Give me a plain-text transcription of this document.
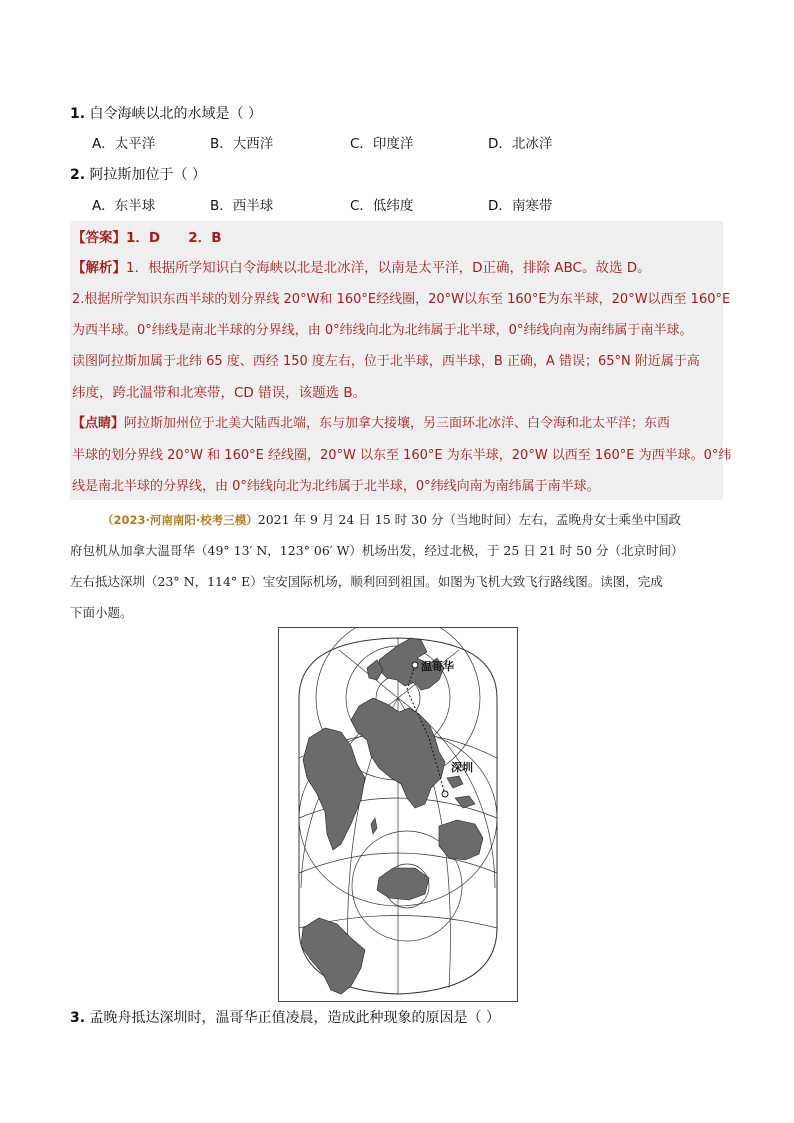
1. 白令海峡以北的水域是（ ）
A．太平洋	B．大西洋	C．印度洋	D．北冰洋
2. 阿拉斯加位于（ ）
A．东半球	B．西半球	C．低纬度	D．南寒带
【答案】1．D      2．B
【解析】1．根据所学知识白令海峡以北是北冰洋，以南是太平洋，D正确，排除 ABC。故选 D。
2.根据所学知识东西半球的划分界线 20°W和 160°E经线圈，20°W以东至 160°E为东半球，20°W以西至 160°E
为西半球。0°纬线是南北半球的分界线，由 0°纬线向北为北纬属于北半球，0°纬线向南为南纬属于南半球。
读图阿拉斯加属于北纬 65 度、西经 150 度左右，位于北半球，西半球，B 正确，A 错误；65°N 附近属于高
纬度，跨北温带和北寒带，CD 错误，该题选 B。
【点睛】阿拉斯加州位于北美大陆西北端，东与加拿大接壤，另三面环北冰洋、白令海和北太平洋；东西
半球的划分界线 20°W 和 160°E 经线圈，20°W 以东至 160°E 为东半球，20°W 以西至 160°E 为西半球。0°纬
线是南北半球的分界线，由 0°纬线向北为北纬属于北半球，0°纬线向南为南纬属于南半球。
（2023·河南南阳·校考三模）2021 年 9 月 24 日 15 时 30 分（当地时间）左右，孟晚舟女士乘坐中国政
府包机从加拿大温哥华（49° 13′ N，123° 06′ W）机场出发，经过北极，于 25 日 21 时 50 分（北京时间）
左右抵达深圳（23° N，114° E）宝安国际机场，顺利回到祖国。如图为飞机大致飞行路线图。读图，完成
下面小题。
温哥华
深圳
3. 孟晚舟抵达深圳时，温哥华正值凌晨，造成此种现象的原因是（ ）
